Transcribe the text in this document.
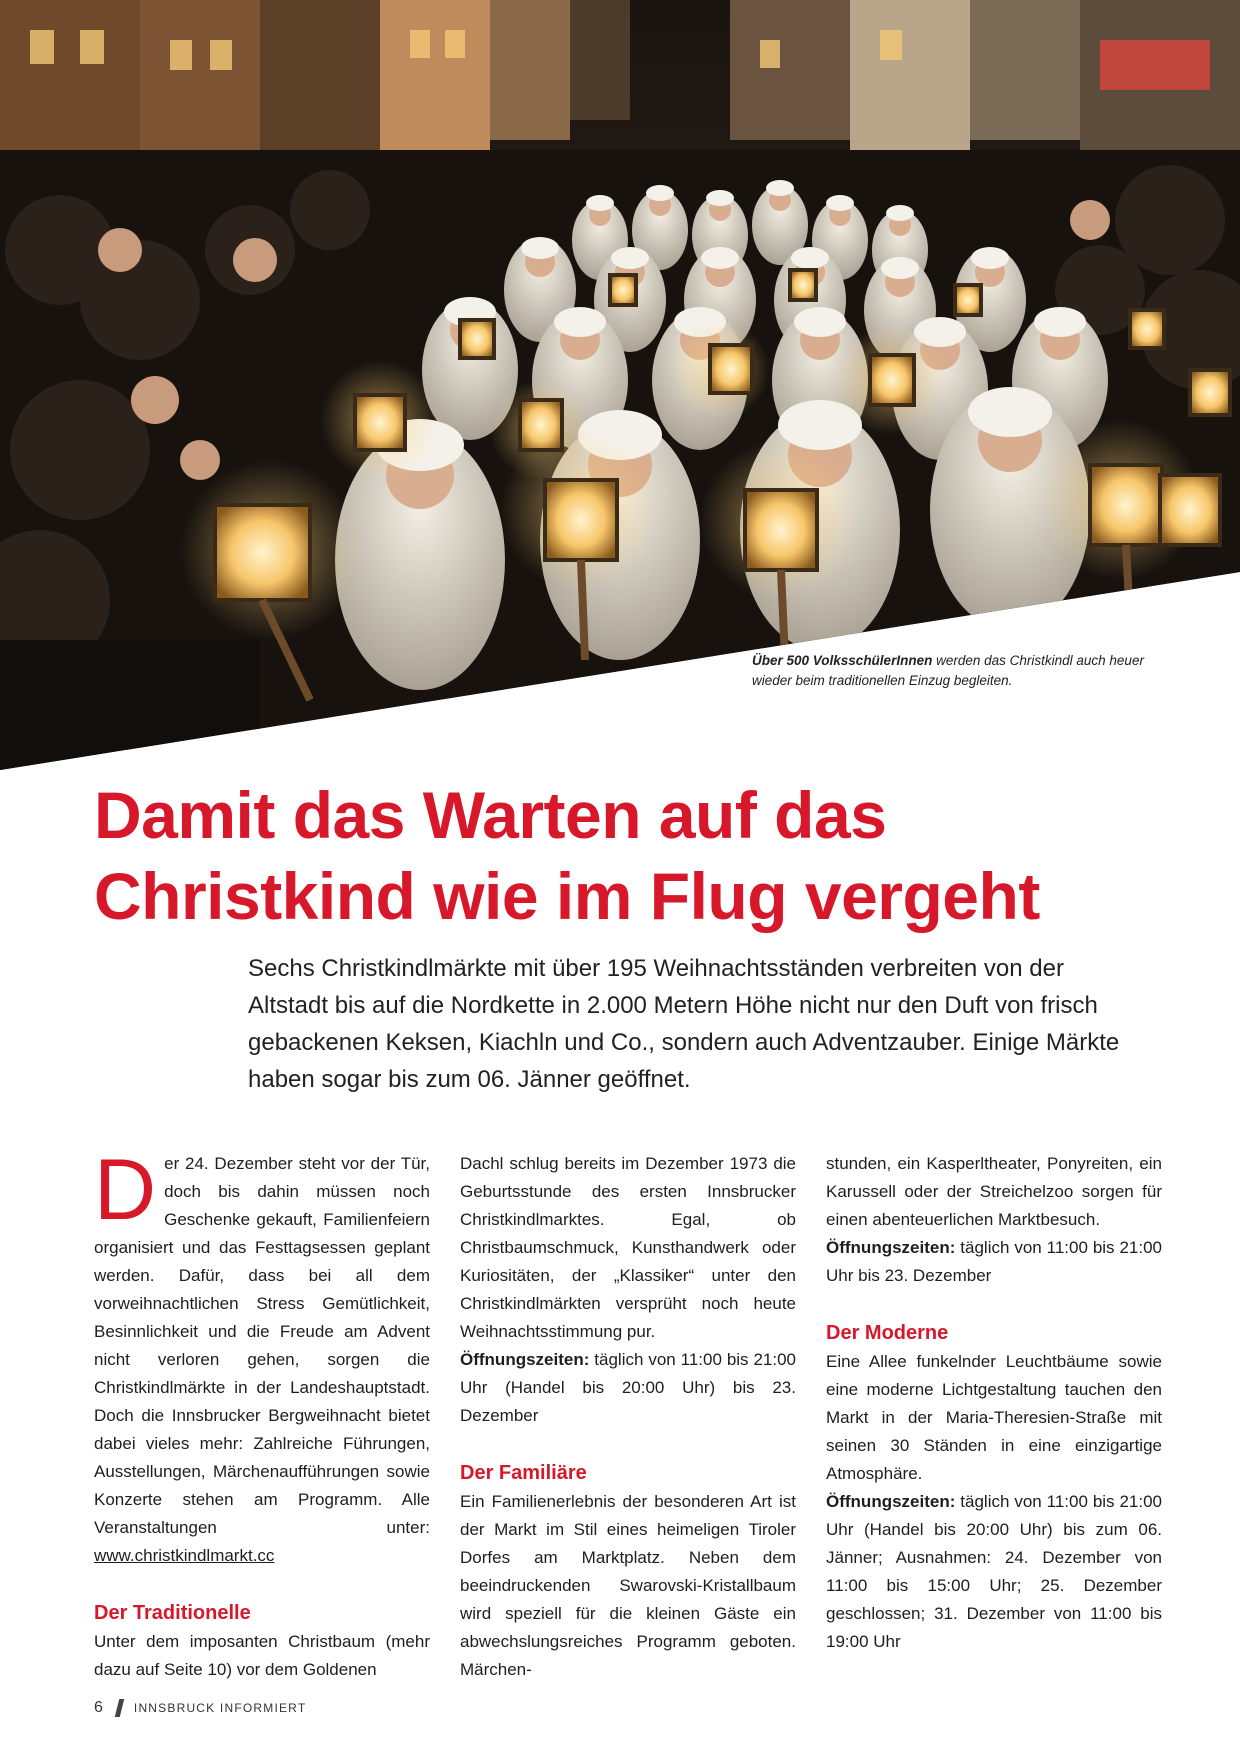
Über 500 VolksschülerInnen werden das Christkindl auch heuer wieder beim traditionellen Einzug begleiten.
Damit das Warten auf das
Christkind wie im Flug vergeht

Sechs Christkindlmärkte mit über 195 Weihnachtsständen verbreiten von der Altstadt bis auf die Nordkette in 2.000 Metern Höhe nicht nur den Duft von frisch gebackenen Keksen, Kiachln und Co., sondern auch Adventzauber. Einige Märkte haben sogar bis zum 06. Jänner geöffnet.

Der 24. Dezember steht vor der Tür, doch bis dahin müssen noch Geschenke gekauft, Familienfeiern organisiert und das Festtagsessen geplant werden. Dafür, dass bei all dem vorweihnachtlichen Stress Gemütlichkeit, Besinnlichkeit und die Freude am Advent nicht verloren gehen, sorgen die Christkindlmärkte in der Landeshauptstadt. Doch die Innsbrucker Bergweihnacht bietet dabei vieles mehr: Zahlreiche Führungen, Ausstellungen, Märchenaufführungen sowie Konzerte stehen am Programm. Alle Veranstaltungen unter: www.christkindlmarkt.cc

Der Traditionelle

Unter dem imposanten Christbaum (mehr dazu auf Seite 10) vor dem Goldenen

Dachl schlug bereits im Dezember 1973 die Geburtsstunde des ersten Innsbrucker Christkindlmarktes. Egal, ob Christbaumschmuck, Kunsthandwerk oder Kuriositäten, der „Klassiker“ unter den Christkindlmärkten versprüht noch heute Weihnachtsstimmung pur.

Öffnungszeiten: täglich von 11:00 bis 21:00 Uhr (Handel bis 20:00 Uhr) bis 23. Dezember

Der Familiäre

Ein Familienerlebnis der besonderen Art ist der Markt im Stil eines heimeligen Tiroler Dorfes am Marktplatz. Neben dem beeindruckenden Swarovski-Kristallbaum wird speziell für die kleinen Gäste ein abwechslungsreiches Programm geboten. Märchen-

stunden, ein Kasperltheater, Ponyreiten, ein Karussell oder der Streichelzoo sorgen für einen abenteuerlichen Marktbesuch.

Öffnungszeiten: täglich von 11:00 bis 21:00 Uhr bis 23. Dezember

Der Moderne

Eine Allee funkelnder Leuchtbäume sowie eine moderne Lichtgestaltung tauchen den Markt in der Maria-Theresien-Straße mit seinen 30 Ständen in eine einzigartige Atmosphäre.

Öffnungszeiten: täglich von 11:00 bis 21:00 Uhr (Handel bis 20:00 Uhr) bis zum 06. Jänner; Ausnahmen: 24. Dezember von 11:00 bis 15:00 Uhr; 25. Dezember geschlossen; 31. Dezember von 11:00 bis 19:00 Uhr

6	INNSBRUCK INFORMIERT
